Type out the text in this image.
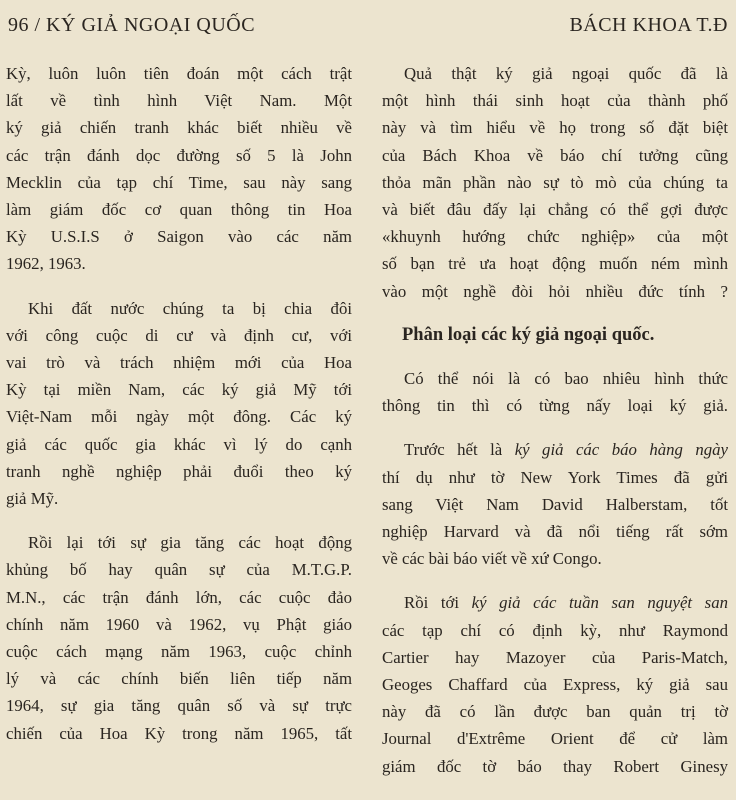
96 / KÝ GIẢ NGOẠI QUỐC	BÁCH KHOA T.Đ
Kỳ, luôn luôn tiên đoán một cách trật
lất về tình hình Việt Nam. Một
ký giả chiến tranh khác biết nhiều về
các trận đánh dọc đường số 5 là John
Mecklin của tạp chí Time, sau này sang
làm giám đốc cơ quan thông tin Hoa
Kỳ U.S.I.S ở Saigon vào các năm
1962, 1963.
Khi đất nước chúng ta bị chia đôi
với công cuộc di cư và định cư, với
vai trò và trách nhiệm mới của Hoa
Kỳ tại miền Nam, các ký giả Mỹ tới
Việt-Nam mỗi ngày một đông. Các ký
giả các quốc gia khác vì lý do cạnh
tranh nghề nghiệp phải đuổi theo ký
giả Mỹ.
Rồi lại tới sự gia tăng các hoạt động
khủng bố hay quân sự của M.T.G.P.
M.N., các trận đánh lớn, các cuộc đảo
chính năm 1960 và 1962, vụ Phật giáo
cuộc cách mạng năm 1963, cuộc chỉnh
lý và các chính biến liên tiếp năm
1964, sự gia tăng quân số và sự trực
chiến của Hoa Kỳ trong năm 1965, tất
Quả thật ký giả ngoại quốc đã là
một hình thái sinh hoạt của thành phố
này và tìm hiểu về họ trong số đặt biệt
của Bách Khoa về báo chí tưởng cũng
thỏa mãn phần nào sự tò mò của chúng ta
và biết đâu đấy lại chẳng có thể gợi được
«khuynh hướng chức nghiệp» của một
số bạn trẻ ưa hoạt động muốn ném mình
vào một nghề đòi hỏi nhiều đức tính ?
Phân loại các ký giả ngoại quốc.
Có thể nói là có bao nhiêu hình thức
thông tin thì có từng nấy loại ký giả.
Trước hết là ký giả các báo hàng ngày
thí dụ như tờ New York Times đã gửi
sang Việt Nam David Halberstam, tốt
nghiệp Harvard và đã nổi tiếng rất sớm
về các bài báo viết về xứ Congo.
Rồi tới ký giả các tuần san nguyệt san
các tạp chí có định kỳ, như Raymond
Cartier hay Mazoyer của Paris-Match,
Geoges Chaffard của Express, ký giả sau
này đã có lần được ban quản trị tờ
Journal d'Extrême Orient để cử làm
giám đốc tờ báo thay Robert Ginesy
